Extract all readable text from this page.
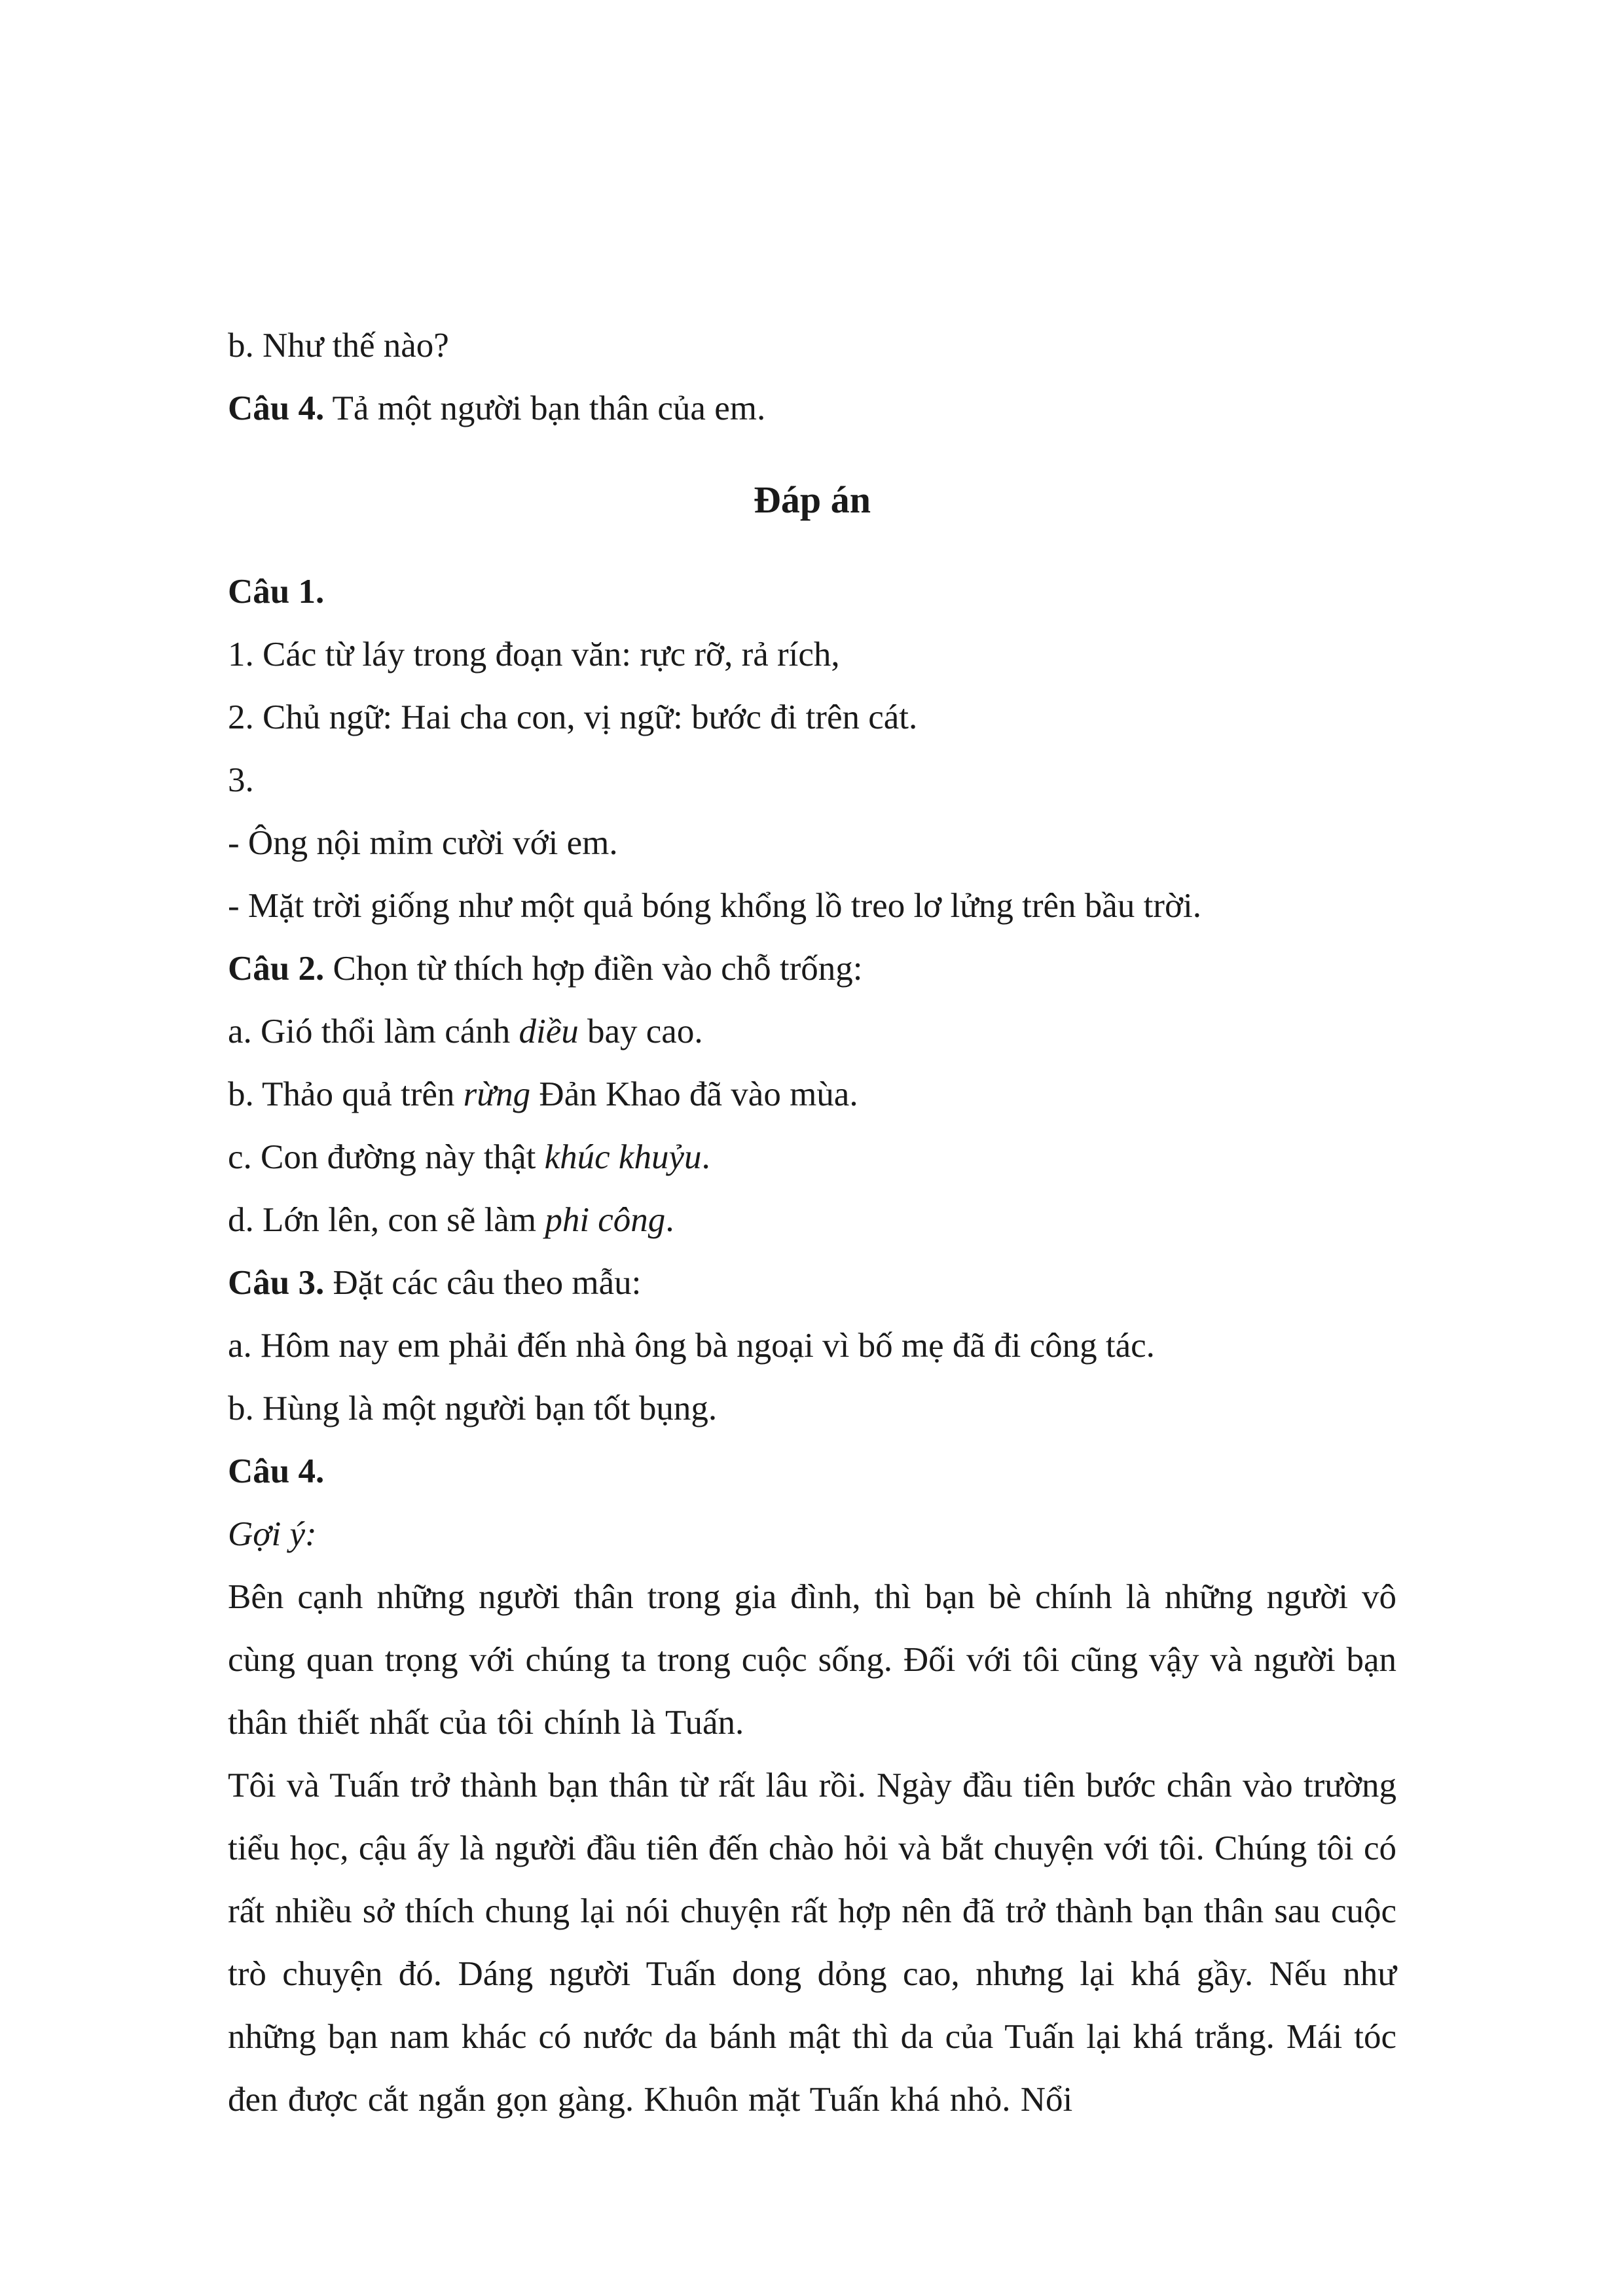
b. Như thế nào?
Câu 4. Tả một người bạn thân của em.
Đáp án
Câu 1.
1. Các từ láy trong đoạn văn: rực rỡ, rả rích,
2. Chủ ngữ: Hai cha con, vị ngữ: bước đi trên cát.
3.
- Ông nội mỉm cười với em.
- Mặt trời giống như một quả bóng khổng lồ treo lơ lửng trên bầu trời.
Câu 2. Chọn từ thích hợp điền vào chỗ trống:
a. Gió thổi làm cánh diều bay cao.
b. Thảo quả trên rừng Đản Khao đã vào mùa.
c. Con đường này thật khúc khuỷu.
d. Lớn lên, con sẽ làm phi công.
Câu 3. Đặt các câu theo mẫu:
a. Hôm nay em phải đến nhà ông bà ngoại vì bố mẹ đã đi công tác.
b. Hùng là một người bạn tốt bụng.
Câu 4.
Gợi ý:
Bên cạnh những người thân trong gia đình, thì bạn bè chính là những người vô cùng quan trọng với chúng ta trong cuộc sống. Đối với tôi cũng vậy và người bạn thân thiết nhất của tôi chính là Tuấn.
Tôi và Tuấn trở thành bạn thân từ rất lâu rồi. Ngày đầu tiên bước chân vào trường tiểu học, cậu ấy là người đầu tiên đến chào hỏi và bắt chuyện với tôi. Chúng tôi có rất nhiều sở thích chung lại nói chuyện rất hợp nên đã trở thành bạn thân sau cuộc trò chuyện đó. Dáng người Tuấn dong dỏng cao, nhưng lại khá gầy. Nếu như những bạn nam khác có nước da bánh mật thì da của Tuấn lại khá trắng. Mái tóc đen được cắt ngắn gọn gàng. Khuôn mặt Tuấn khá nhỏ. Nổi
